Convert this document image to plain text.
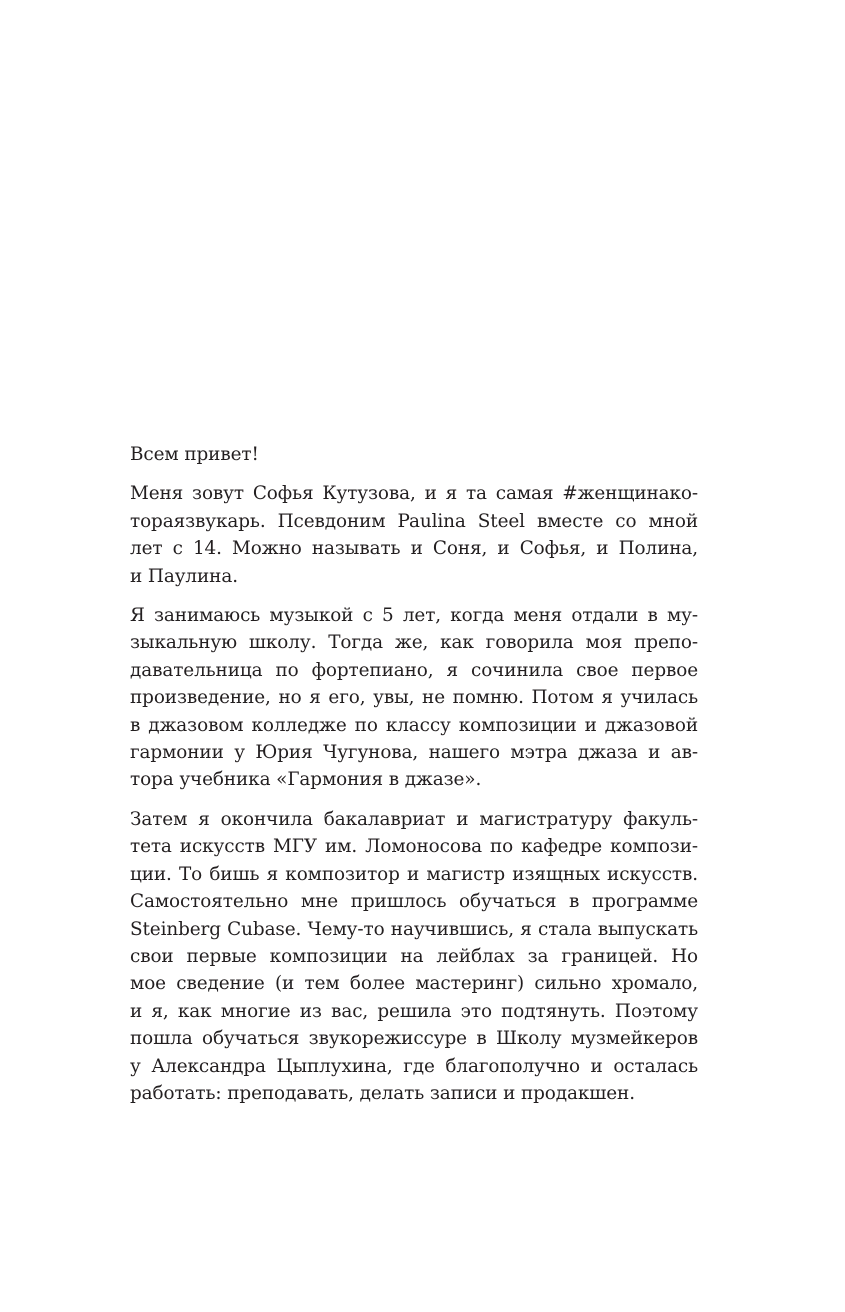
Всем привет!
Меня зовут Софья Кутузова, и я та самая #женщинако-
тораязвукарь. Псевдоним Paulina Steel вместе со мной
лет с 14. Можно называть и Соня, и Софья, и Полина,
и Паулина.
Я занимаюсь музыкой с 5 лет, когда меня отдали в му-
зыкальную школу. Тогда же, как говорила моя препо-
давательница по фортепиано, я сочинила свое первое
произведение, но я его, увы, не помню. Потом я училась
в джазовом колледже по классу композиции и джазовой
гармонии у Юрия Чугунова, нашего мэтра джаза и ав-
тора учебника «Гармония в джазе».
Затем я окончила бакалавриат и магистратуру факуль-
тета искусств МГУ им. Ломоносова по кафедре компози-
ции. То бишь я композитор и магистр изящных искусств.
Самостоятельно мне пришлось обучаться в программе
Steinberg Cubase. Чему-то научившись, я стала выпускать
свои первые композиции на лейблах за границей. Но
мое сведение (и тем более мастеринг) сильно хромало,
и я, как многие из вас, решила это подтянуть. Поэтому
пошла обучаться звукорежиссуре в Школу музмейкеров
у Александра Цыплухина, где благополучно и осталась
работать: преподавать, делать записи и продакшен.
